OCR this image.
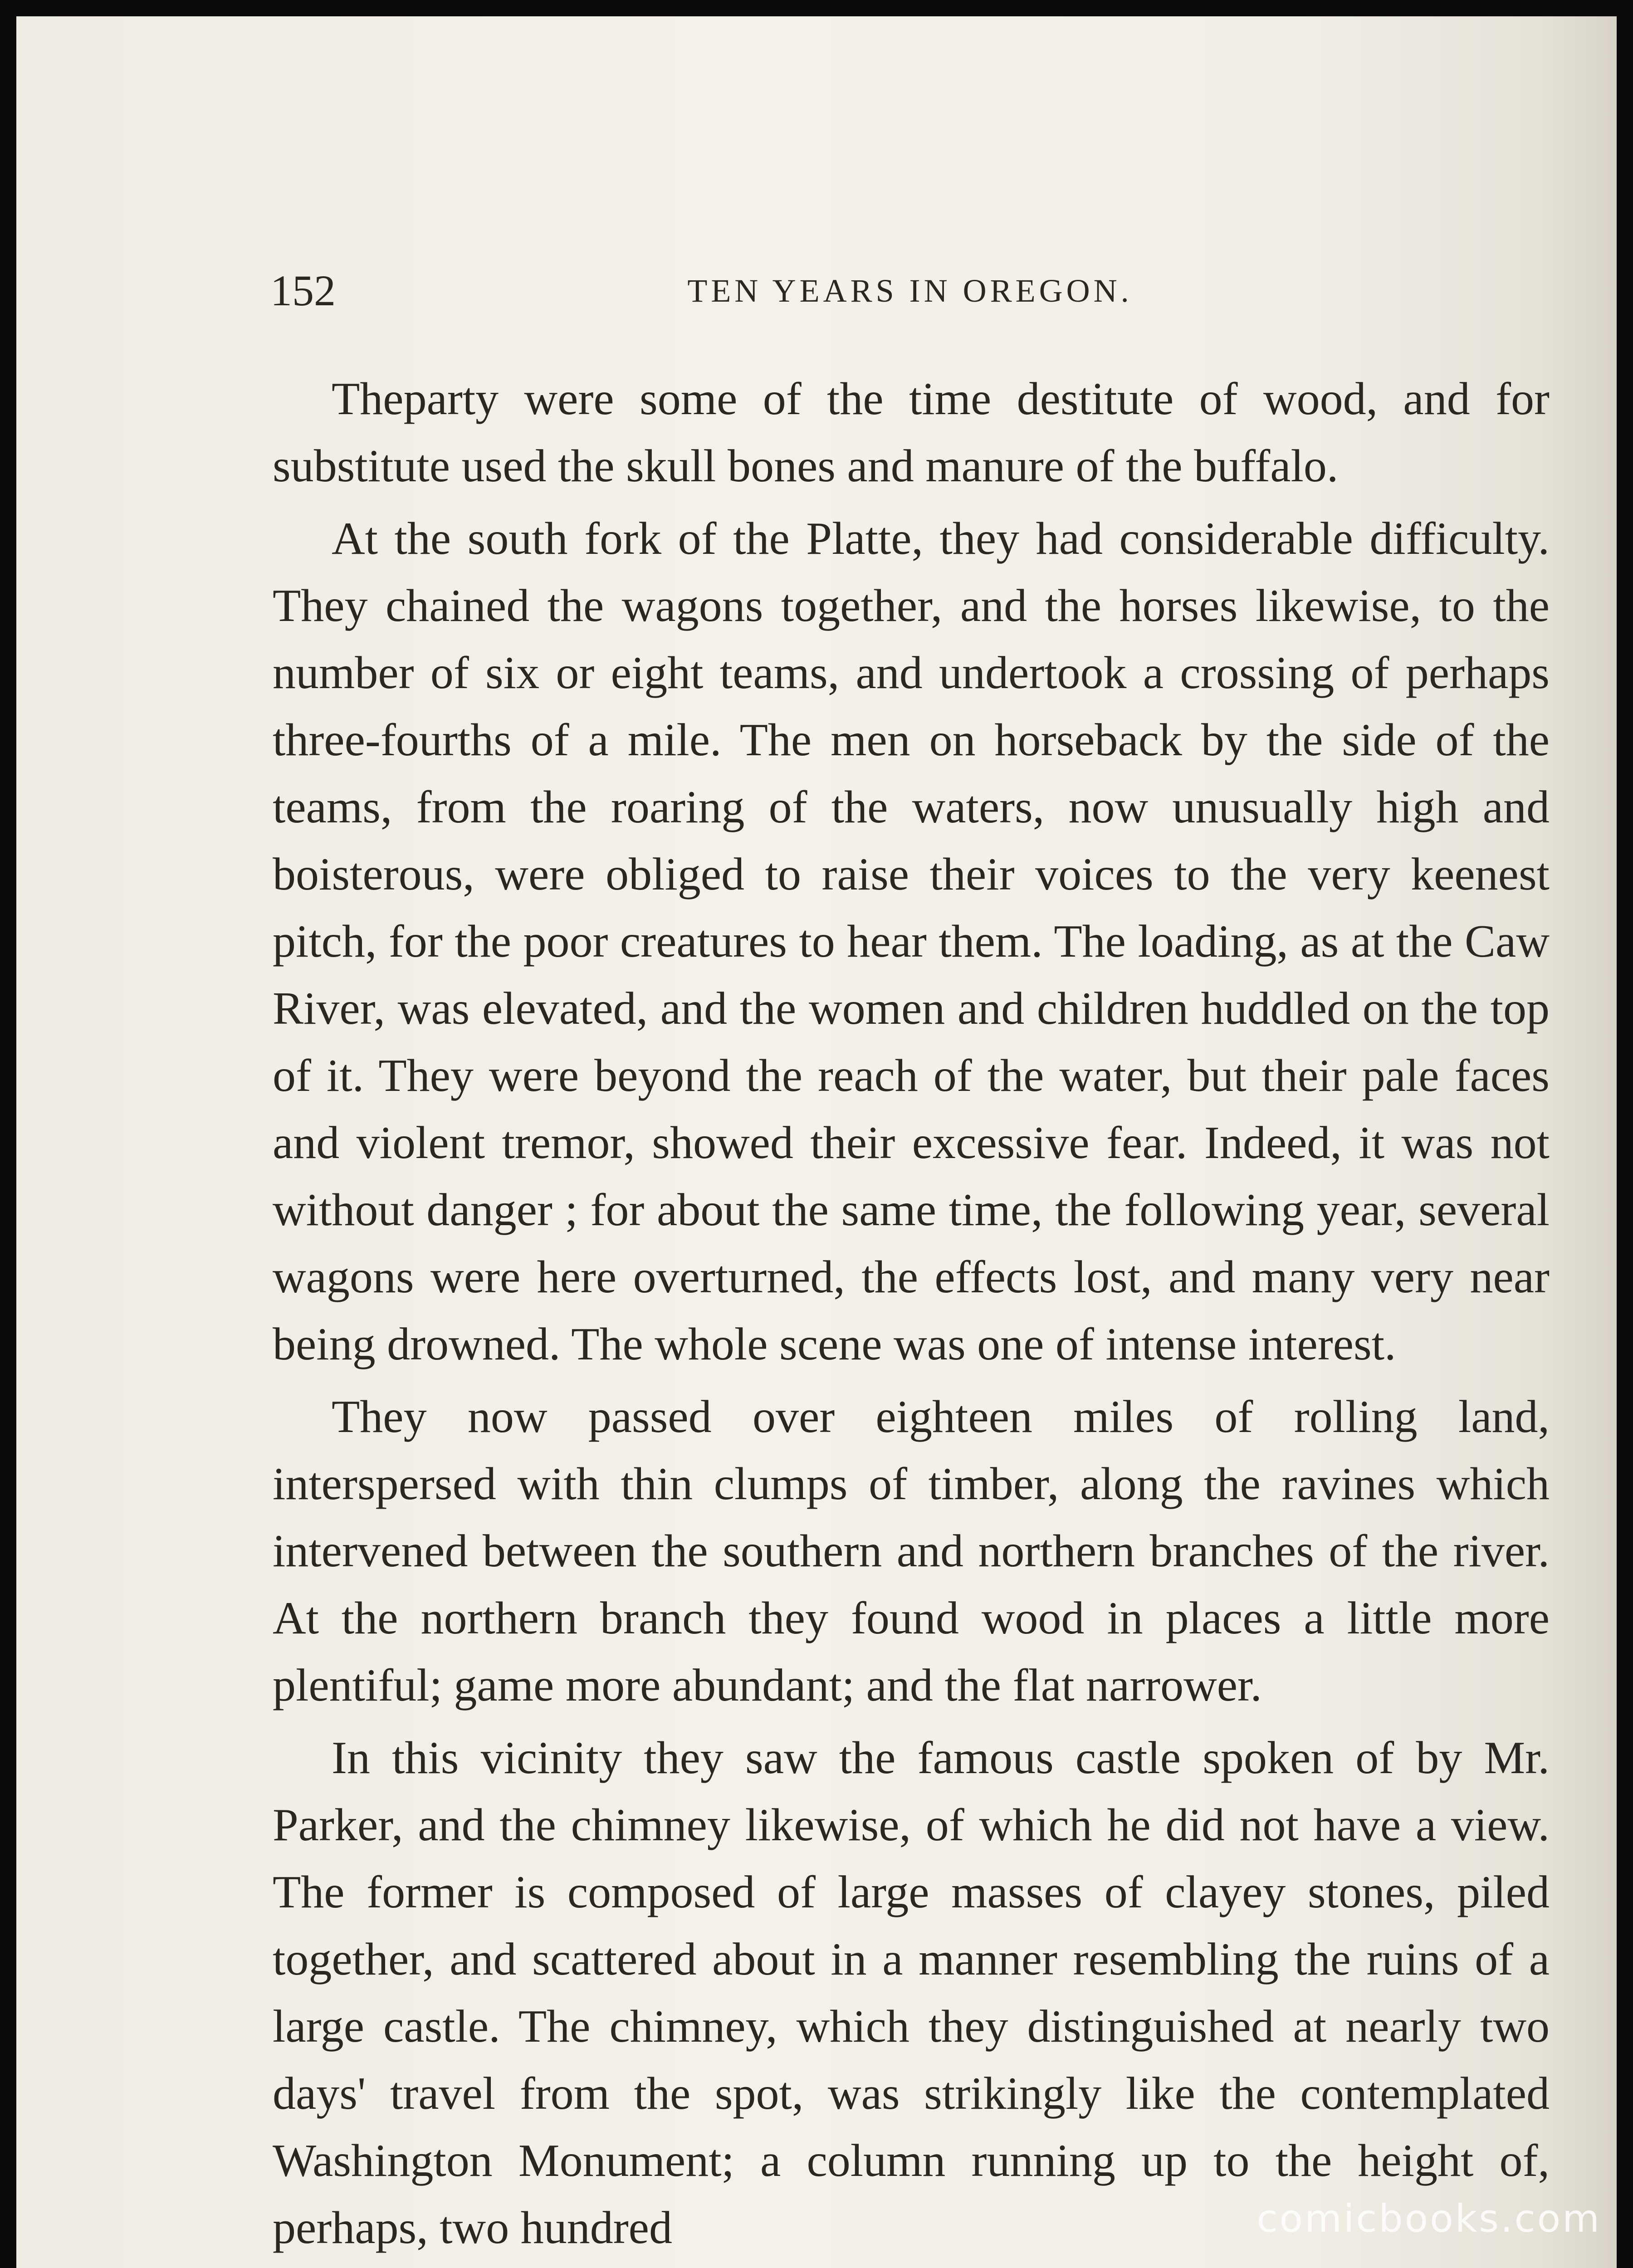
152	TEN YEARS IN OREGON.

Theparty were some of the time destitute of wood, and for substitute used the skull bones and manure of the buffalo.

At the south fork of the Platte, they had considerable difficulty. They chained the wagons together, and the horses likewise, to the number of six or eight teams, and undertook a crossing of perhaps three-fourths of a mile. The men on horseback by the side of the teams, from the roaring of the waters, now unusually high and boisterous, were obliged to raise their voices to the very keenest pitch, for the poor creatures to hear them. The loading, as at the Caw River, was elevated, and the women and children huddled on the top of it. They were beyond the reach of the water, but their pale faces and violent tremor, showed their excessive fear. Indeed, it was not without danger ; for about the same time, the following year, several wagons were here overturned, the effects lost, and many very near being drowned. The whole scene was one of intense interest.

They now passed over eighteen miles of rolling land, interspersed with thin clumps of timber, along the ravines which intervened between the southern and northern branches of the river. At the northern branch they found wood in places a little more plentiful; game more abundant; and the flat narrower.

In this vicinity they saw the famous castle spoken of by Mr. Parker, and the chimney likewise, of which he did not have a view. The former is composed of large masses of clayey stones, piled together, and scattered about in a manner resembling the ruins of a large castle. The chimney, which they distinguished at nearly two days' travel from the spot, was strikingly like the contemplated Washington Monument; a column running up to the height of, perhaps, two hundred	comicbooks.com
